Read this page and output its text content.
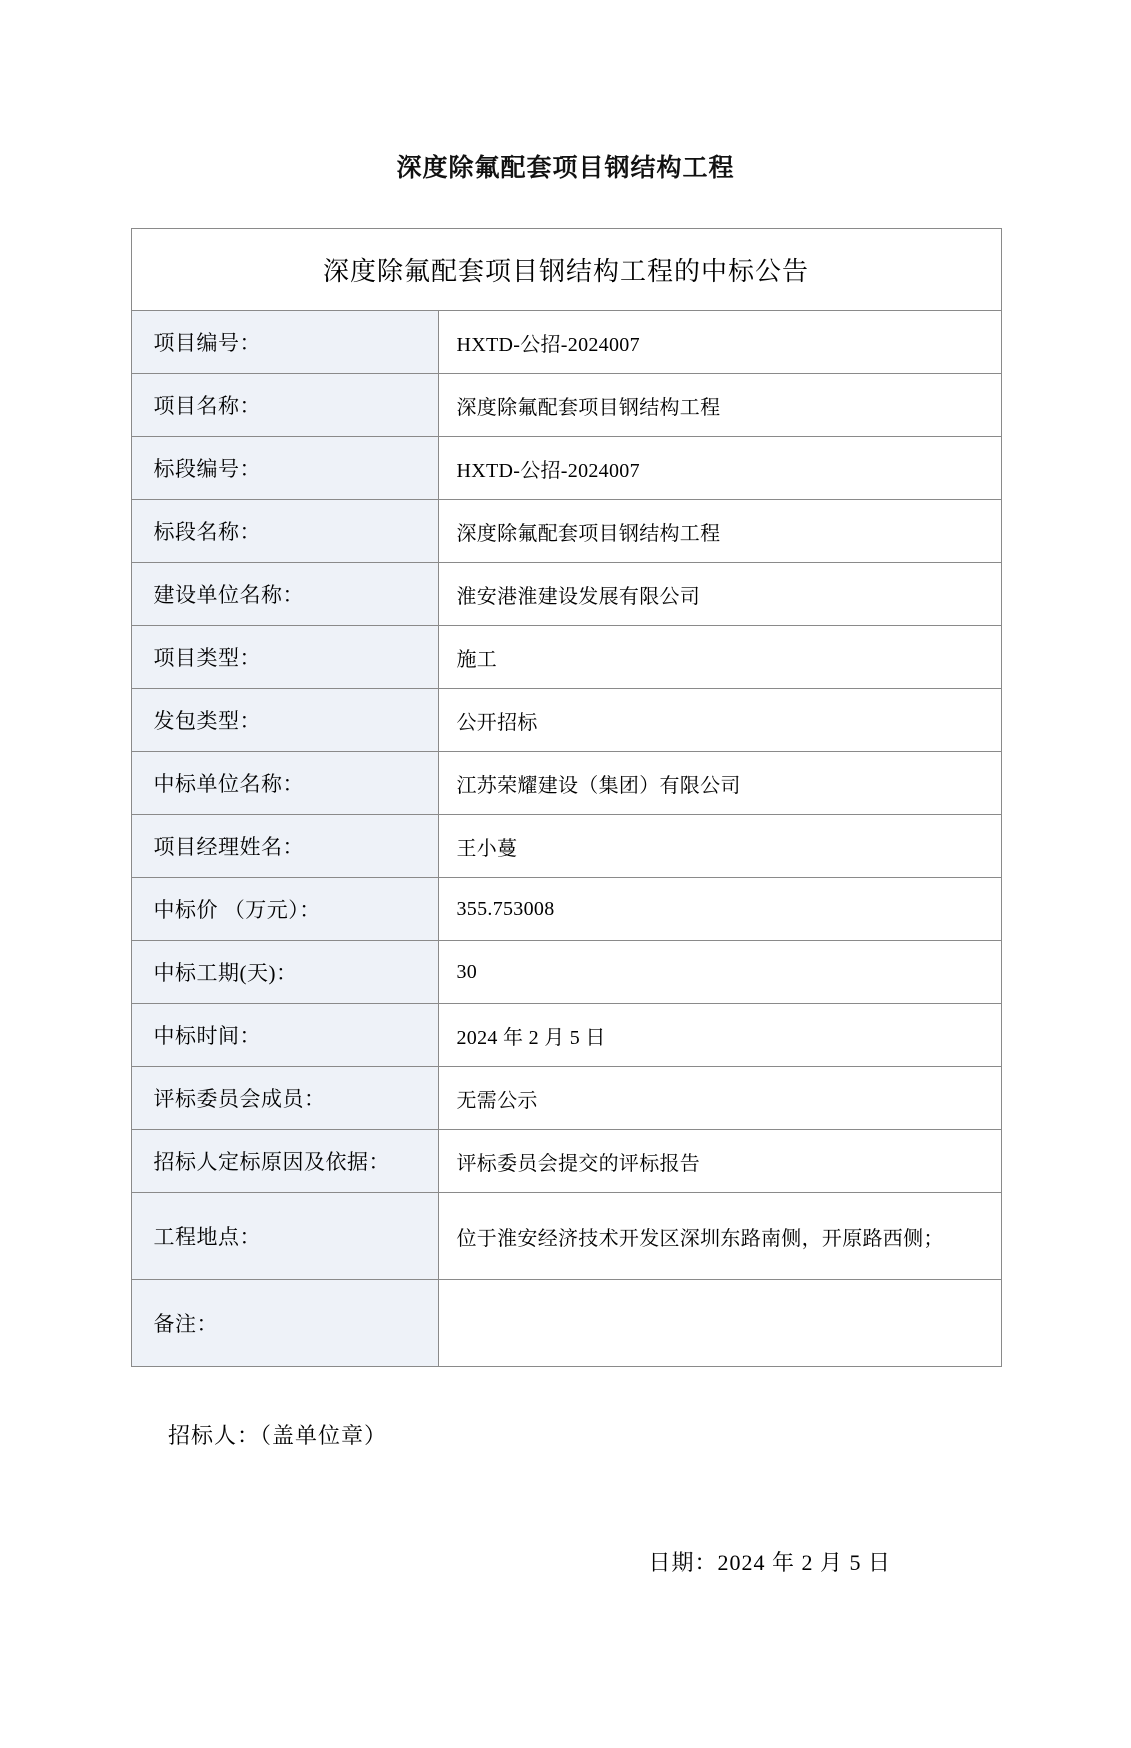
深度除氟配套项目钢结构工程
深度除氟配套项目钢结构工程的中标公告	
项目编号：	HXTD-公招-2024007
项目名称：	深度除氟配套项目钢结构工程
标段编号：	HXTD-公招-2024007
标段名称：	深度除氟配套项目钢结构工程
建设单位名称：	淮安港淮建设发展有限公司
项目类型：	施工
发包类型：	公开招标
中标单位名称：	江苏荣耀建设（集团）有限公司
项目经理姓名：	王小蔓
中标价 （万元）：	355.753008
中标工期(天)：	30
中标时间：	2024 年 2 月 5 日
评标委员会成员：	无需公示
招标人定标原因及依据：	评标委员会提交的评标报告
工程地点：	位于淮安经济技术开发区深圳东路南侧，开原路西侧；
备注：	
招标人：（盖单位章）
日期：2024 年 2 月 5 日
